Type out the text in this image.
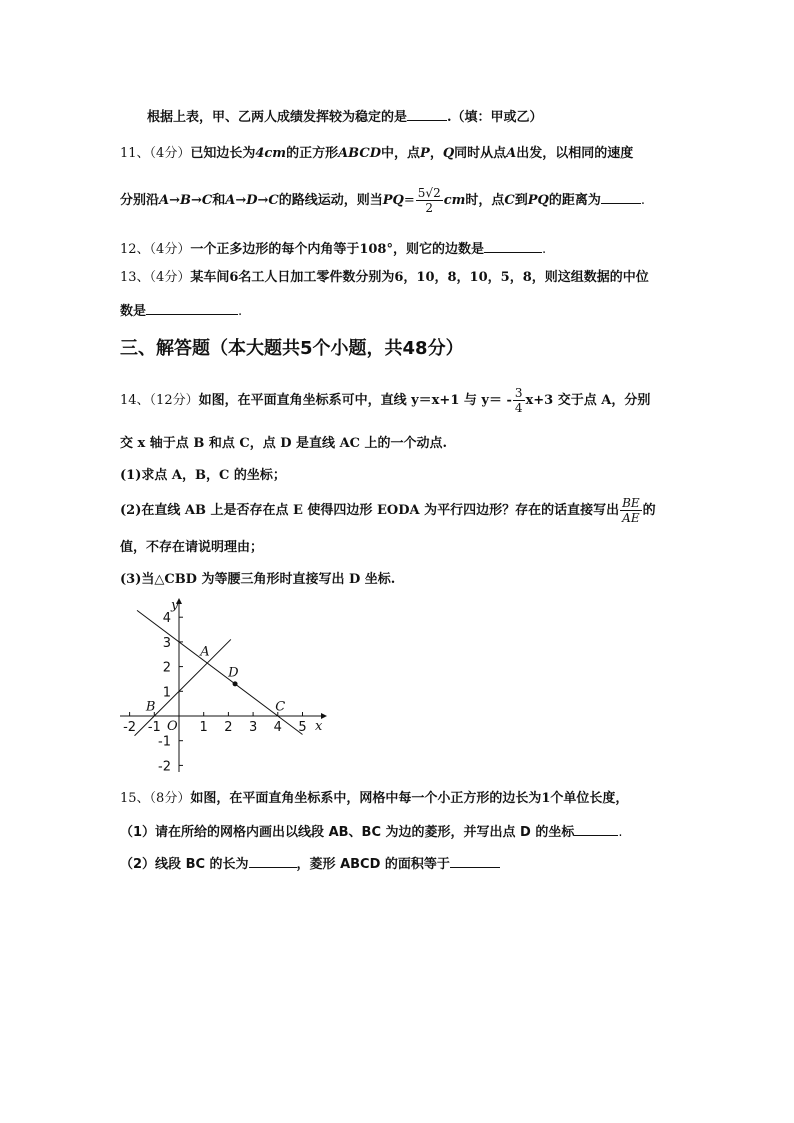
根据上表，甲、乙两人成绩发挥较为稳定的是	.（填：甲或乙）
11、（4分）已知边长为4cm的正方形ABCD中，点P，Q同时从点A出发，以相同的速度
分别沿A→B→C和A→D→C的路线运动，则当$PQ= \frac{5√2}{2}$ cm时，点C到PQ的距离为	.
12、（4分）一个正多边形的每个内角等于108°，则它的边数是	.
13、（4分）某车间6名工人日加工零件数分别为6，10，8，10，5，8，则这组数据的中位
数是	.
三、解答题（本大题共5个小题，共48分）
14、（12分）如图，在平面直角坐标系可中，直线 y＝x+1 与 $y= - \frac{3}{4} x+3$ 交于点 A，分别
交 x 轴于点 B 和点 C，点 D 是直线 AC 上的一个动点.
(1)求点 A，B，C 的坐标；
(2)在直线 AB 上是否存在点 E 使得四边形 EODA 为平行四边形？存在的话直接写出 $\frac{BE}{AE}$ 的
值，不存在请说明理由；
(3)当△CBD 为等腰三角形时直接写出 D 坐标.
-2 -1	1 2 3 4 5
4
3
2
1
-1
-2
x
y
O
A
B	C
D
15、（8分）如图，在平面直角坐标系中，网格中每一个小正方形的边长为1个单位长度，
（1）请在所给的网格内画出以线段 AB、BC 为边的菱形，并写出点 D 的坐标	.
（2）线段 BC 的长为	，菱形 ABCD 的面积等于
